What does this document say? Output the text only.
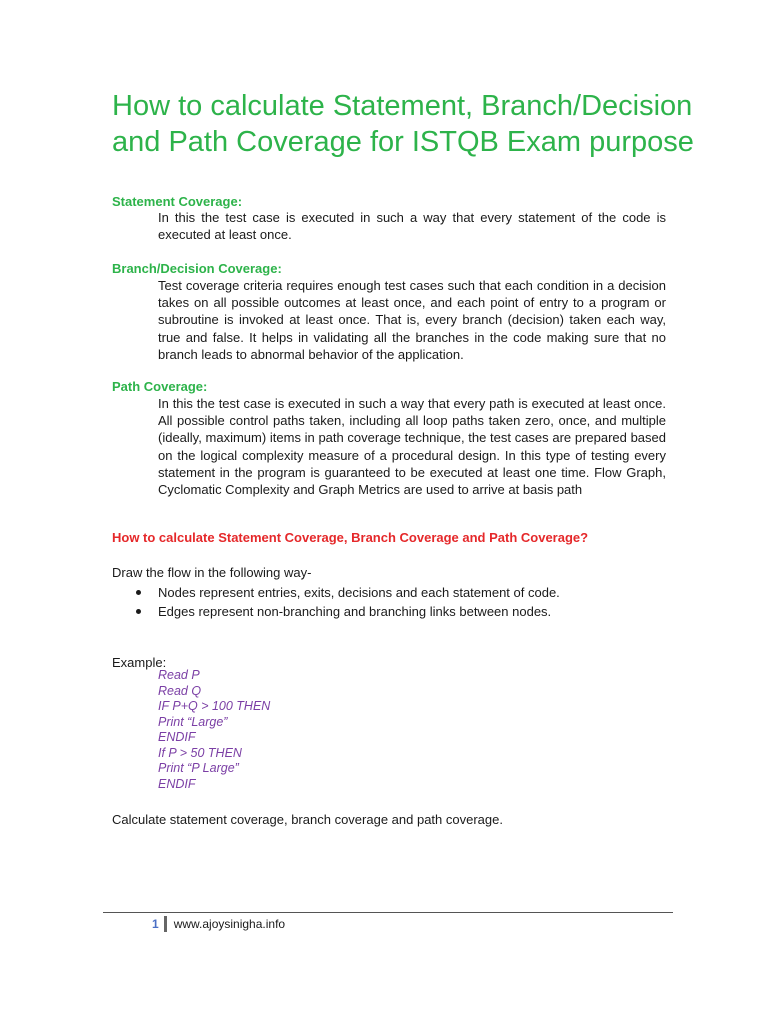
How to calculate Statement, Branch/Decision and Path Coverage for ISTQB Exam purpose
Statement Coverage:

In this the test case is executed in such a way that every statement of the code is executed at least once.

Branch/Decision Coverage:

Test coverage criteria requires enough test cases such that each condition in a decision takes on all possible outcomes at least once, and each point of entry to a program or subroutine is invoked at least once. That is, every branch (decision) taken each way, true and false. It helps in validating all the branches in the code making sure that no branch leads to abnormal behavior of the application.

Path Coverage:

In this the test case is executed in such a way that every path is executed at least once. All possible control paths taken, including all loop paths taken zero, once, and multiple (ideally, maximum) items in path coverage technique, the test cases are prepared based on the logical complexity measure of a procedural design. In this type of testing every statement in the program is guaranteed to be executed at least one time. Flow Graph, Cyclomatic Complexity and Graph Metrics are used to arrive at basis path

How to calculate Statement Coverage, Branch Coverage and Path Coverage?

Draw the flow in the following way-

Nodes represent entries, exits, decisions and each statement of code.
Edges represent non-branching and branching links between nodes.

Example:

Read P
Read Q
IF P+Q > 100 THEN
Print “Large”
ENDIF
If P > 50 THEN
Print “P Large”
ENDIF

Calculate statement coverage, branch coverage and path coverage.

1 www.ajoysinigha.info
